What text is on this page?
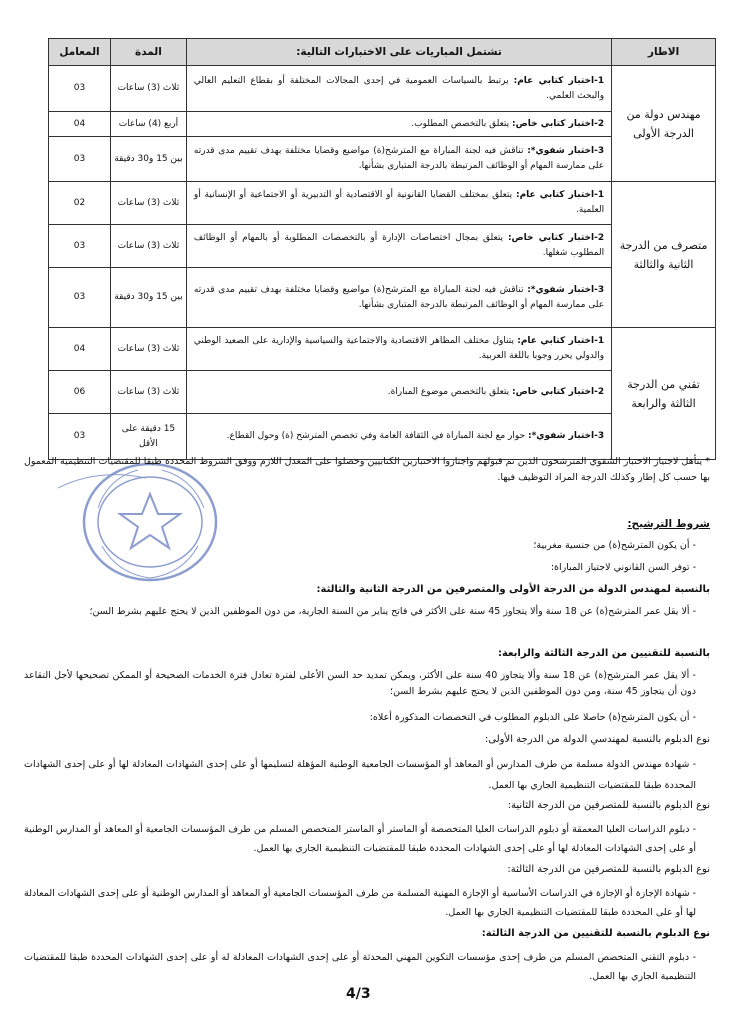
الاطار	تشتمل المباريات على الاختبارات التالية:	المدة	المعامل
مهندس دولة من الدرجة الأولى	1-اختبار كتابي عام: يرتبط بالسياسات العمومية في إحدى المجالات المختلفة أو بقطاع التعليم العالي والبحث العلمي.	ثلاث (3) ساعات	03
	2-اختبار كتابي خاص: يتعلق بالتخصص المطلوب.	أربع (4) ساعات	04
	3-اختبار شفوي*: تناقش فيه لجنة المباراة مع المترشح(ة) مواضيع وقضايا مختلفة بهدف تقييم مدى قدرته على ممارسة المهام أو الوظائف المرتبطة بالدرجة المتبارى بشأنها.	بين 15 و30 دقيقة	03
متصرف من الدرجة الثانية والثالثة	1-اختبار كتابي عام: يتعلق بمختلف القضايا القانونية أو الاقتصادية أو التدبيرية أو الاجتماعية أو الإنسانية أو العلمية.	ثلاث (3) ساعات	02
	2-اختبار كتابي خاص: يتعلق بمجال اختصاصات الإدارة أو بالتخصصات المطلوبة أو بالمهام أو الوظائف المطلوب شغلها.	ثلاث (3) ساعات	03
	3-اختبار شفوي*: تناقش فيه لجنة المباراة مع المترشح(ة) مواضيع وقضايا مختلفة بهدف تقييم مدى قدرته على ممارسة المهام أو الوظائف المرتبطة بالدرجة المتبارى بشأنها.	بين 15 و30 دقيقة	03
تقني من الدرجة الثالثة والرابعة	1-اختبار كتابي عام: يتناول مختلف المظاهر الاقتصادية والاجتماعية والسياسية والإدارية على الصعيد الوطني والدولي يحرر وجوبا باللغة العربية.	ثلاث (3) ساعات	04
	2-اختبار كتابي خاص: يتعلق بالتخصص موضوع المباراة.	ثلاث (3) ساعات	06
	3-اختبار شفوي*: حوار مع لجنة المباراة في الثقافة العامة وفي تخصص المترشح (ة) وحول القطاع.	15 دقيقة على الأقل	03
* يتأهل لاجتياز الاختبار الشفوي المترشحون الذين تم قبولهم واجتازوا الاختبارين الكتابيين وحصلوا على المعدل اللازم ووفق الشروط المحددة طبقا للمقتضيات التنظيمية المعمول بها حسب كل إطار وكذلك الدرجة المراد التوظيف فيها.
شروط الترشيح:
- أن يكون المترشح(ة) من جنسية مغربية؛
- توفر السن القانوني لاجتياز المباراة:
بالنسبة لمهندس الدولة من الدرجة الأولى والمتصرفين من الدرجة الثانية والثالثة:
- ألا يقل عمر المترشح(ة) عن 18 سنة وألا يتجاوز 45 سنة على الأكثر في فاتح يناير من السنة الجارية، من دون الموظفين الذين لا يحتج عليهم بشرط السن؛
بالنسبة للتقنيين من الدرجة الثالثة والرابعة:
- ألا يقل عمر المترشح(ة) عن 18 سنة وألا يتجاوز 40 سنة على الأكثر، ويمكن تمديد حد السن الأعلى لفترة تعادل فترة الخدمات الصحيحة أو الممكن تصحيحها لأجل التقاعد دون أن يتجاوز 45 سنة، ومن دون الموظفين الذين لا يحتج عليهم بشرط السن؛
- أن يكون المترشح(ة) حاصلا على الدبلوم المطلوب في التخصصات المذكورة أعلاه:
نوع الدبلوم بالنسبة لمهندسي الدولة من الدرجة الأولى:
- شهادة مهندس الدولة مسلمة من طرف المدارس أو المعاهد أو المؤسسات الجامعية الوطنية المؤهلة لتسليمها أو على إحدى الشهادات المعادلة لها أو على إحدى الشهادات المحددة طبقا للمقتضيات التنظيمية الجاري بها العمل.
نوع الدبلوم بالنسبة للمتصرفين من الدرجة الثانية:
- دبلوم الدراسات العليا المعمقة أو دبلوم الدراسات العليا المتخصصة أو الماستر أو الماستر المتخصص المسلم من طرف المؤسسات الجامعية أو المعاهد أو المدارس الوطنية أو على إحدى الشهادات المعادلة لها أو على إحدى الشهادات المحددة طبقا للمقتضيات التنظيمية الجاري بها العمل.
نوع الدبلوم بالنسبة للمتصرفين من الدرجة الثالثة:
- شهادة الإجازة أو الإجازة في الدراسات الأساسية أو الإجازة المهنية المسلمة من طرف المؤسسات الجامعية أو المعاهد أو المدارس الوطنية أو على إحدى الشهادات المعادلة لها أو على المحددة طبقا للمقتضيات التنظيمية الجاري بها العمل.
نوع الدبلوم بالنسبة للتقنيين من الدرجة الثالثة:
- دبلوم التقني المتخصص المسلم من طرف إحدى مؤسسات التكوين المهني المحدثة أو على إحدى الشهادات المعادلة له أو على إحدى الشهادات المحددة طبقا للمقتضيات التنظيمية الجاري بها العمل.
4/3
